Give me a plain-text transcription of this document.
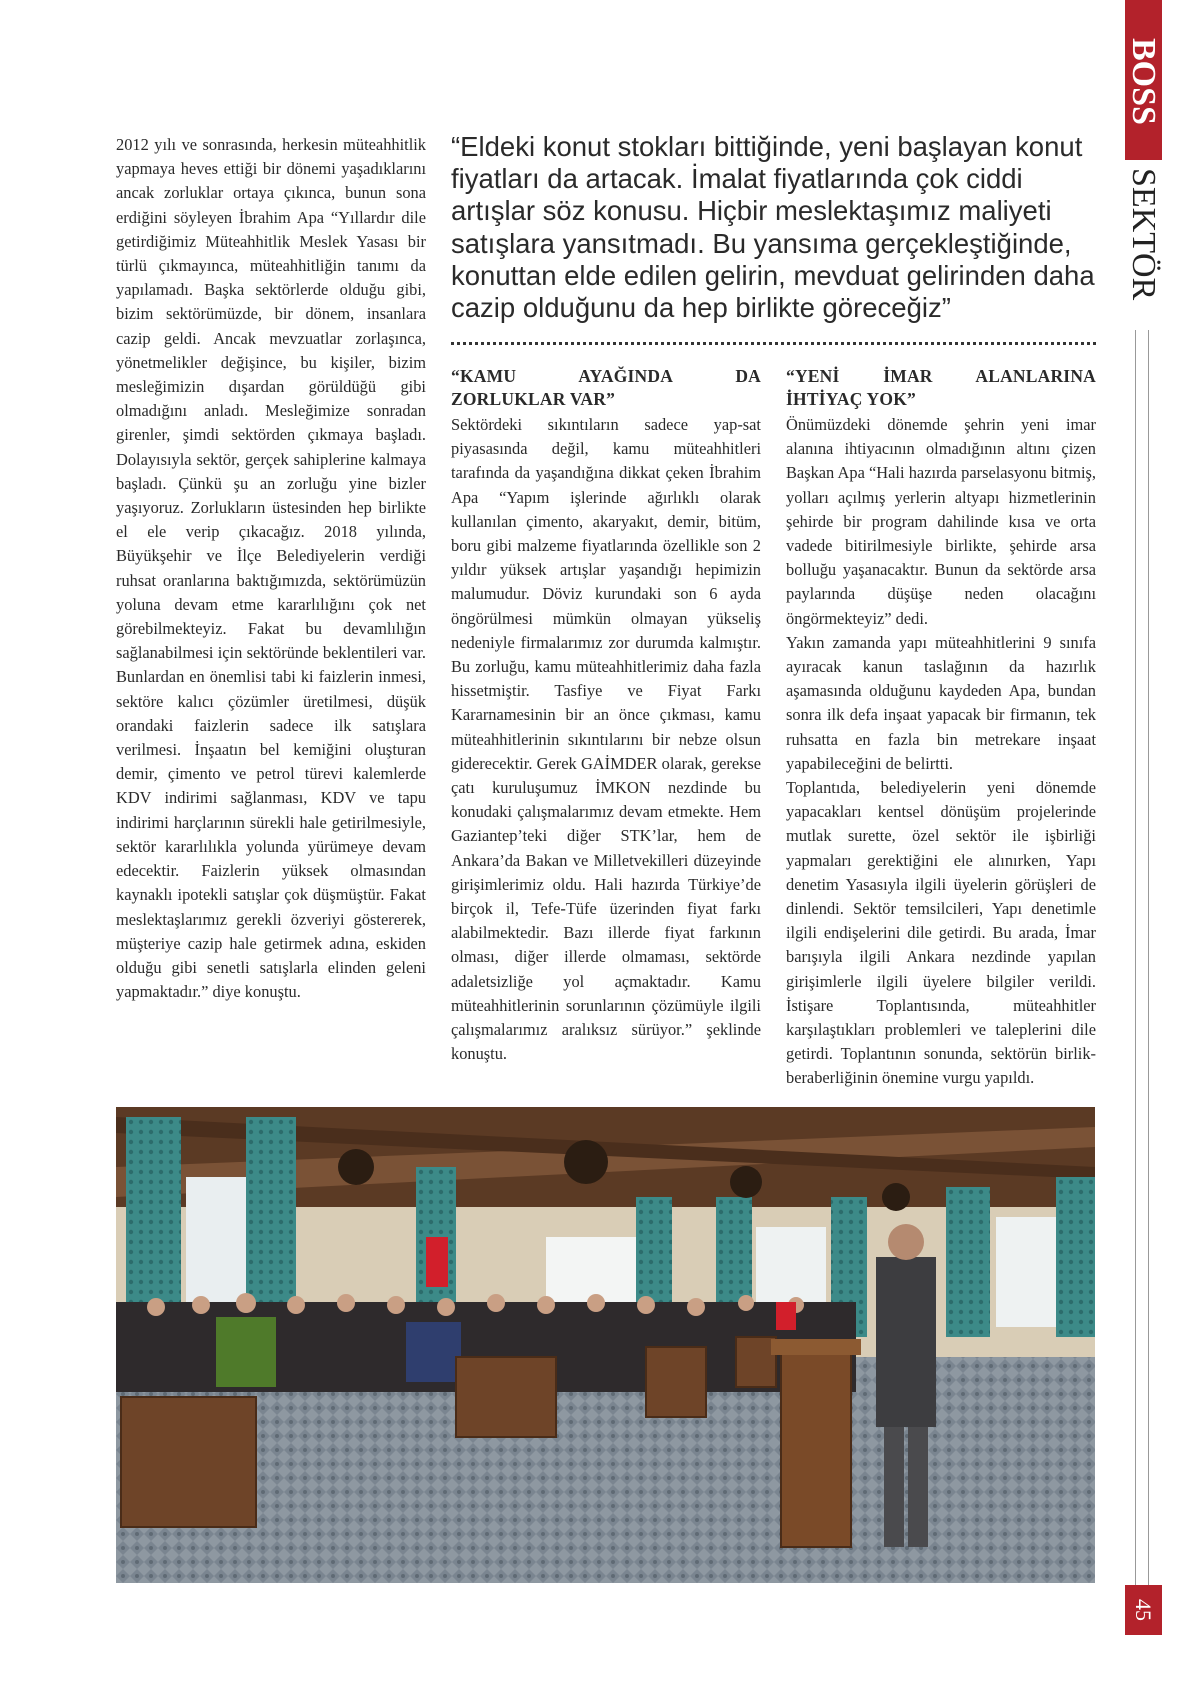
BOSS
SEKTÖR
45

“Eldeki konut stokları bittiğinde, yeni başlayan konut fiyatları da artacak. İmalat fiyatlarında çok ciddi artışlar söz konusu. Hiçbir meslektaşımız maliyeti satışlara yansıtmadı. Bu yansıma gerçekleştiğinde, konuttan elde edilen gelirin, mevduat gelirinden daha cazip olduğunu da hep birlikte göreceğiz”

2012 yılı ve sonrasında, herkesin müteahhitlik yapmaya heves ettiği bir dönemi yaşadıklarını ancak zorluklar ortaya çıkınca, bunun sona erdiğini söyleyen İbrahim Apa “Yıllardır dile getirdiğimiz Müteahhitlik Meslek Yasası bir türlü çıkmayınca, müteahhitliğin tanımı da yapılamadı. Başka sektörlerde olduğu gibi, bizim sektörümüzde, bir dönem, insanlara cazip geldi. Ancak mevzuatlar zorlaşınca, yönetmelikler değişince, bu kişiler, bizim mesleğimizin dışardan görüldüğü gibi olmadığını anladı. Mesleğimize sonradan girenler, şimdi sektörden çıkmaya başladı. Dolayısıyla sektör, gerçek sahiplerine kalmaya başladı. Çünkü şu an zorluğu yine bizler yaşıyoruz. Zorlukların üstesinden hep birlikte el ele verip çıkacağız. 2018 yılında, Büyükşehir ve İlçe Belediyelerin verdiği ruhsat oranlarına baktığımızda, sektörümüzün yoluna devam etme kararlılığını çok net görebilmekteyiz. Fakat bu devamlılığın sağlanabilmesi için sektöründe beklentileri var. Bunlardan en önemlisi tabi ki faizlerin inmesi, sektöre kalıcı çözümler üretilmesi, düşük orandaki faizlerin sadece ilk satışlara verilmesi. İnşaatın bel kemiğini oluşturan demir, çimento ve petrol türevi kalemlerde KDV indirimi sağlanması, KDV ve tapu indirimi harçlarının sürekli hale getirilmesiyle, sektör kararlılıkla yolunda yürümeye devam edecektir. Faizlerin yüksek olmasından kaynaklı ipotekli satışlar çok düşmüştür. Fakat meslektaşlarımız gerekli özveriyi göstererek, müşteriye cazip hale getirmek adına, eskiden olduğu gibi senetli satışlarla elinden geleni yapmaktadır.” diye konuştu.

“KAMU AYAĞINDA DA ZORLUKLAR VAR”

Sektördeki sıkıntıların sadece yap-sat piyasasında değil, kamu müteahhitleri tarafında da yaşandığına dikkat çeken İbrahim Apa “Yapım işlerinde ağırlıklı olarak kullanılan çimento, akaryakıt, demir, bitüm, boru gibi malzeme fiyatlarında özellikle son 2 yıldır yüksek artışlar yaşandığı hepimizin malumudur. Döviz kurundaki son 6 ayda öngörülmesi mümkün olmayan yükseliş nedeniyle firmalarımız zor durumda kalmıştır. Bu zorluğu, kamu müteahhitlerimiz daha fazla hissetmiştir. Tasfiye ve Fiyat Farkı Kararnamesinin bir an önce çıkması, kamu müteahhitlerinin sıkıntılarını bir nebze olsun giderecektir. Gerek GAİMDER olarak, gerekse çatı kuruluşumuz İMKON nezdinde bu konudaki çalışmalarımız devam etmekte. Hem Gaziantep’teki diğer STK’lar, hem de Ankara’da Bakan ve Milletvekilleri düzeyinde girişimlerimiz oldu. Hali hazırda Türkiye’de birçok il, Tefe-Tüfe üzerinden fiyat farkı alabilmektedir. Bazı illerde fiyat farkının olması, diğer illerde olmaması, sektörde adaletsizliğe yol açmaktadır. Kamu müteahhitlerinin sorunlarının çözümüyle ilgili çalışmalarımız aralıksız sürüyor.” şeklinde konuştu.

“YENİ İMAR ALANLARINA İHTİYAÇ YOK”

Önümüzdeki dönemde şehrin yeni imar alanına ihtiyacının olmadığının altını çizen Başkan Apa “Hali hazırda parselasyonu bitmiş, yolları açılmış yerlerin altyapı hizmetlerinin şehirde bir program dahilinde kısa ve orta vadede bitirilmesiyle birlikte, şehirde arsa bolluğu yaşanacaktır. Bunun da sektörde arsa paylarında düşüşe neden olacağını öngörmekteyiz” dedi.

Yakın zamanda yapı müteahhitlerini 9 sınıfa ayıracak kanun taslağının da hazırlık aşamasında olduğunu kaydeden Apa, bundan sonra ilk defa inşaat yapacak bir firmanın, tek ruhsatta en fazla bin metrekare inşaat yapabileceğini de belirtti.

Toplantıda, belediyelerin yeni dönemde yapacakları kentsel dönüşüm projelerinde mutlak surette, özel sektör ile işbirliği yapmaları gerektiğini ele alınırken, Yapı denetim Yasasıyla ilgili üyelerin görüşleri de dinlendi. Sektör temsilcileri, Yapı denetimle ilgili endişelerini dile getirdi. Bu arada, İmar barışıyla ilgili Ankara nezdinde yapılan girişimlerle ilgili üyelere bilgiler verildi. İstişare Toplantısında, müteahhitler karşılaştıkları problemleri ve taleplerini dile getirdi. Toplantının sonunda, sektörün birlik- beraberliğinin önemine vurgu yapıldı.
